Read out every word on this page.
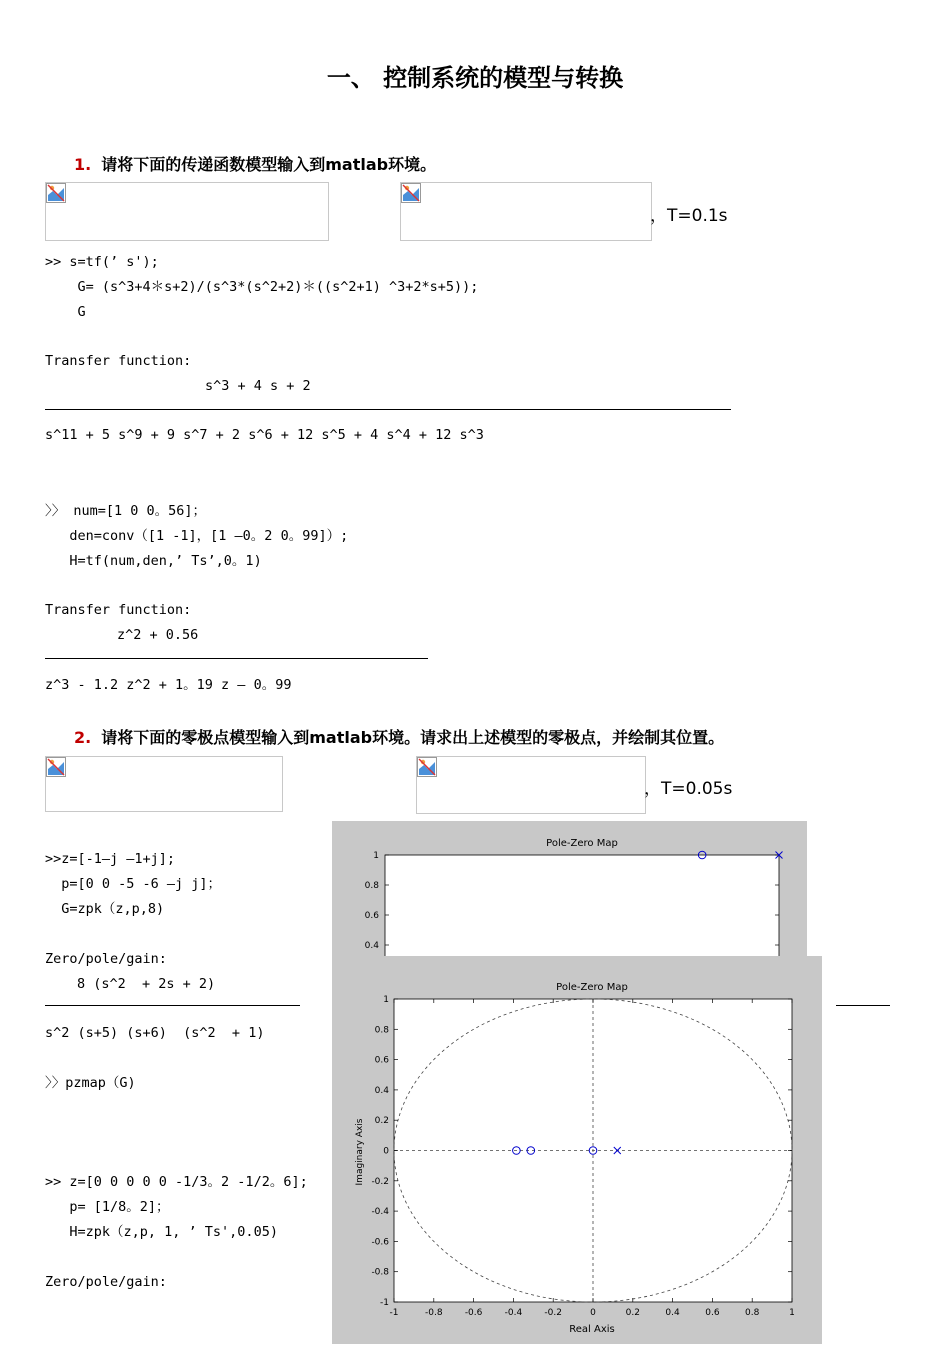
一、 控制系统的模型与转换
1. 请将下面的传递函数模型输入到matlab环境。
，T=0.1s
>> s=tf(’ s');
G= (s^3+4＊s+2)/(s^3*(s^2+2)＊((s^2+1) ^3+2*s+5));
G
Transfer function:
s^3 + 4 s + 2
s^11 + 5 s^9 + 9 s^7 + 2 s^6 + 12 s^5 + 4 s^4 + 12 s^3
〉〉 num=[1 0 0。56]；
den=conv（[1 -1]，[1 —0。2 0。99]）;
H=tf(num,den,’ Ts’,0。1)
Transfer function:
z^2 + 0.56
z^3 - 1.2 z^2 + 1。19 z — 0。99
2. 请将下面的零极点模型输入到matlab环境。请求出上述模型的零极点，并绘制其位置。
，T=0.05s
>>z=[-1—j —1+j];
p=[0 0 -5 -6 —j j]；
G=zpk（z,p,8)
Zero/pole/gain:
8 (s^2  + 2s + 2)
s^2 (s+5) (s+6)  (s^2  + 1)
〉〉pzmap（G)
>> z=[0 0 0 0 0 -1/3。2 -1/2。6];
p= [1/8。2]；
H=zpk（z,p, 1, ’ Ts',0.05)
Zero/pole/gain:
Pole-Zero Map
1
0.8
0.6
0.4
Pole-Zero Map
Real Axis
Imaginary Axis
-1	-0.8 -0.6 -0.4 -0.2	0	0.2	0.4	0.6	0.8	1
1
0.8
0.6
0.4
0.2
0
-0.2
-0.4
-0.6
-0.8
-1
